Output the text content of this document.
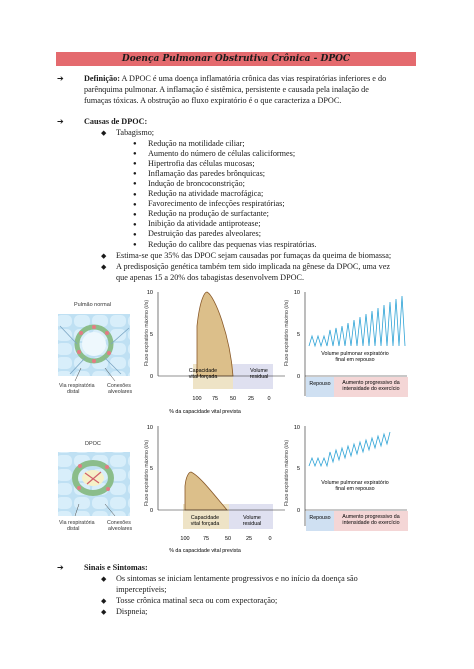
Doença Pulmonar Obstrutiva Crônica - DPOC
➔ Definição: A DPOC é uma doença inflamatória crônica das vias respiratórias inferiores e do
parênquima pulmonar. A inflamação é sistêmica, persistente e causada pela inalação de
fumaças tóxicas. A obstrução ao fluxo expiratório é o que caracteriza a DPOC.
➔ Causas de DPOC:
◆ Tabagismo;
● Redução na motilidade ciliar;
● Aumento do número de células caliciformes;
● Hipertrofia das células mucosas;
● Inflamação das paredes brônquicas;
● Indução de broncoconstrição;
● Redução na atividade macrofágica;
● Favorecimento de infecções respiratórias;
● Redução na produção de surfactante;
● Inibição da atividade antiprotease;
● Destruição das paredes alveolares;
● Redução do calibre das pequenas vias respiratórias.
◆ Estima-se que 35% das DPOC sejam causadas por fumaças da queima de biomassa;
◆ A predisposição genética também tem sido implicada na gênese da DPOC, uma vez
que apenas 15 a 20% dos tabagistas desenvolvem DPOC.
Pulmão normal
Via respiratória
distal
Conexões
alveolares
Fluxo expiratório máximo (ℓ/s)
0
5
10
Capacidade
vital forçada
Volume
residual
100 75 50 25 0
% da capacidade vital prevista
Fluxo expiratório máximo (ℓ/s)
0
5
10
Volume pulmonar expiratório
final em repouso
Repouso Aumento progressivo da
intensidade do exercício
DPOC
Via respiratória
distal
Conexões
alveolares
Fluxo expiratório máximo (ℓ/s)
0
5
10
Capacidade
vital forçada
Volume
residual
100 75	50	25	0
% da capacidade vital prevista
Fluxo expiratório máximo (ℓ/s)
0
5
10
Volume pulmonar expiratório
final em repouso
Repouso Aumento progressivo da
intensidade do exercício
➔ Sinais e Sintomas:
◆ Os sintomas se iniciam lentamente progressivos e no início da doença são
imperceptíveis;
◆ Tosse crônica matinal seca ou com expectoração;
◆ Dispneia;
